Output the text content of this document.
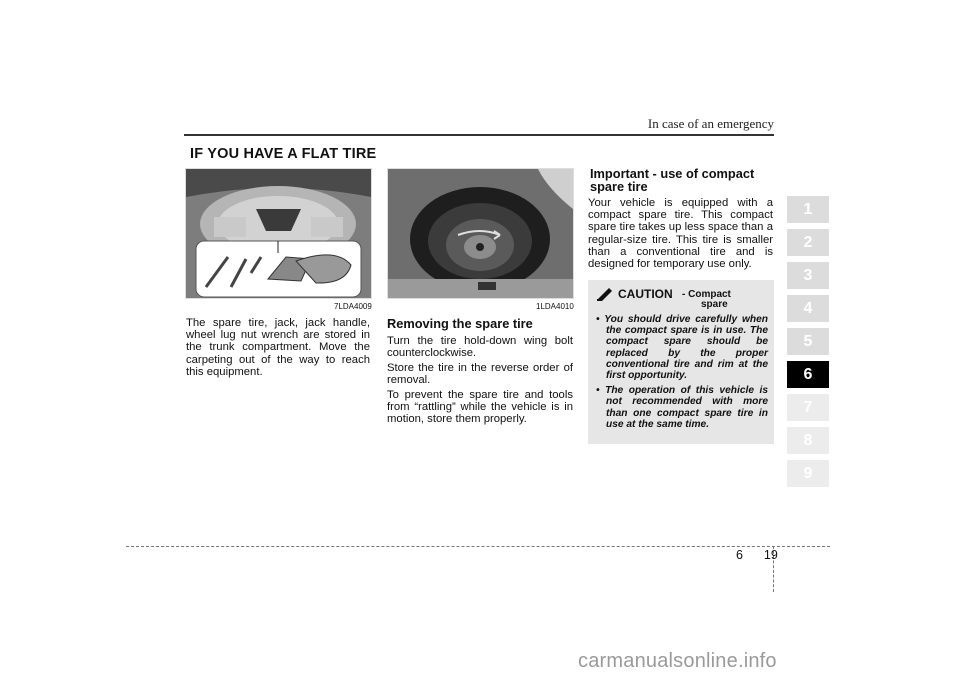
In case of an emergency
IF YOU HAVE A FLAT TIRE
7LDA4009
The spare tire, jack, jack handle, wheel lug nut wrench are stored in the trunk compartment. Move the carpeting out of the way to reach this equipment.
1LDA4010
Removing the spare tire
Turn the tire hold-down wing bolt counterclockwise.
Store the tire in the reverse order of removal.
To prevent the spare tire and tools from “rattling” while the vehicle is in motion, store them properly.
Important - use of compact spare tire
Your vehicle is equipped with a compact spare tire. This compact spare tire takes up less space than a regular-size tire. This tire is smaller than a conventional tire and is designed for temporary use only.
CAUTION - Compact
spare
• You should drive carefully when the compact spare is in use. The compact spare should be replaced by the proper conventional tire and rim at the first opportunity.
• The operation of this vehicle is not recommended with more than one compact spare tire in use at the same time.
1
2
3
4
5
6
7
8
9
6 19
carmanualsonline.info
